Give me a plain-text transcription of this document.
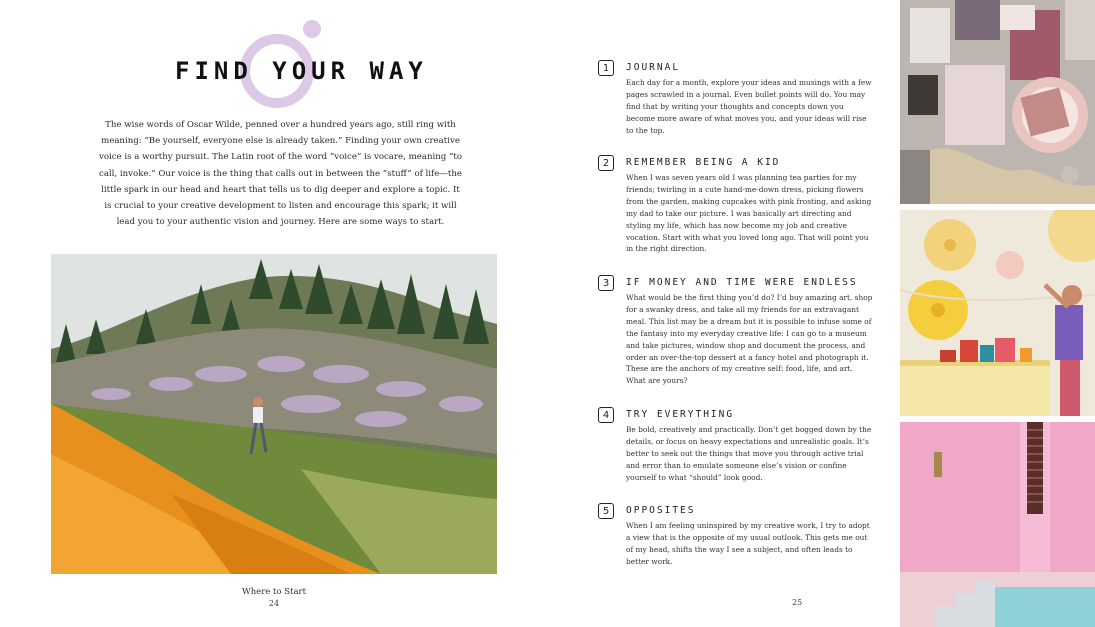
FIND YOUR WAY
The wise words of Oscar Wilde, penned over a hundred years ago, still ring with meaning: “Be yourself, everyone else is already taken.” Finding your own creative voice is a worthy pursuit. The Latin root of the word “voice” is vocare, meaning “to call, invoke.” Our voice is the thing that calls out in between the “stuff” of life—the little spark in our head and heart that tells us to dig deeper and explore a topic. It is crucial to your creative development to listen and encourage this spark; it will lead you to your authentic vision and journey. Here are some ways to start.
Where to Start
24
1	JOURNAL
Each day for a month, explore your ideas and musings with a few pages scrawled in a journal. Even bullet points will do. You may find that by writing your thoughts and concepts down you become more aware of what moves you, and your ideas will rise to the top.
2	REMEMBER BEING A KID
When I was seven years old I was planning tea parties for my friends; twirling in a cute hand-me-down dress, picking flowers from the garden, making cupcakes with pink frosting, and asking my dad to take our picture. I was basically art directing and styling my life, which has now become my job and creative vocation. Start with what you loved long ago. That will point you in the right direction.
3	IF MONEY AND TIME WERE ENDLESS
What would be the first thing you’d do? I’d buy amazing art, shop for a swanky dress, and take all my friends for an extravagant meal. This list may be a dream but it is possible to infuse some of the fantasy into my everyday creative life: I can go to a museum and take pictures, window shop and document the process, and order an over-the-top dessert at a fancy hotel and photograph it. These are the anchors of my creative self: food, life, and art. What are yours?
4	TRY EVERYTHING
Be bold, creatively and practically. Don’t get bogged down by the details, or focus on heavy expectations and unrealistic goals. It’s better to seek out the things that move you through active trial and error than to emulate someone else’s vision or confine yourself to what “should” look good.
5	OPPOSITES
When I am feeling uninspired by my creative work, I try to adopt a view that is the opposite of my usual outlook. This gets me out of my head, shifts the way I see a subject, and often leads to better work.
25
